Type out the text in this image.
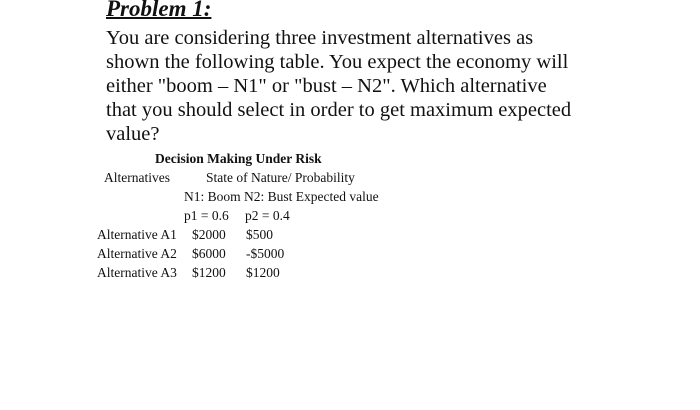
Problem 1:
You are considering three investment alternatives as
shown the following table. You expect the economy will
either "boom – N1" or "bust – N2". Which alternative
that you should select in order to get maximum expected
value?
Decision Making Under Risk
Alternatives	State of Nature/ Probability
N1: Boom N2: Bust Expected value
p1 = 0.6 p2 = 0.4
Alternative A1 $2000 $500
Alternative A2 $6000 -$5000
Alternative A3 $1200 $1200
